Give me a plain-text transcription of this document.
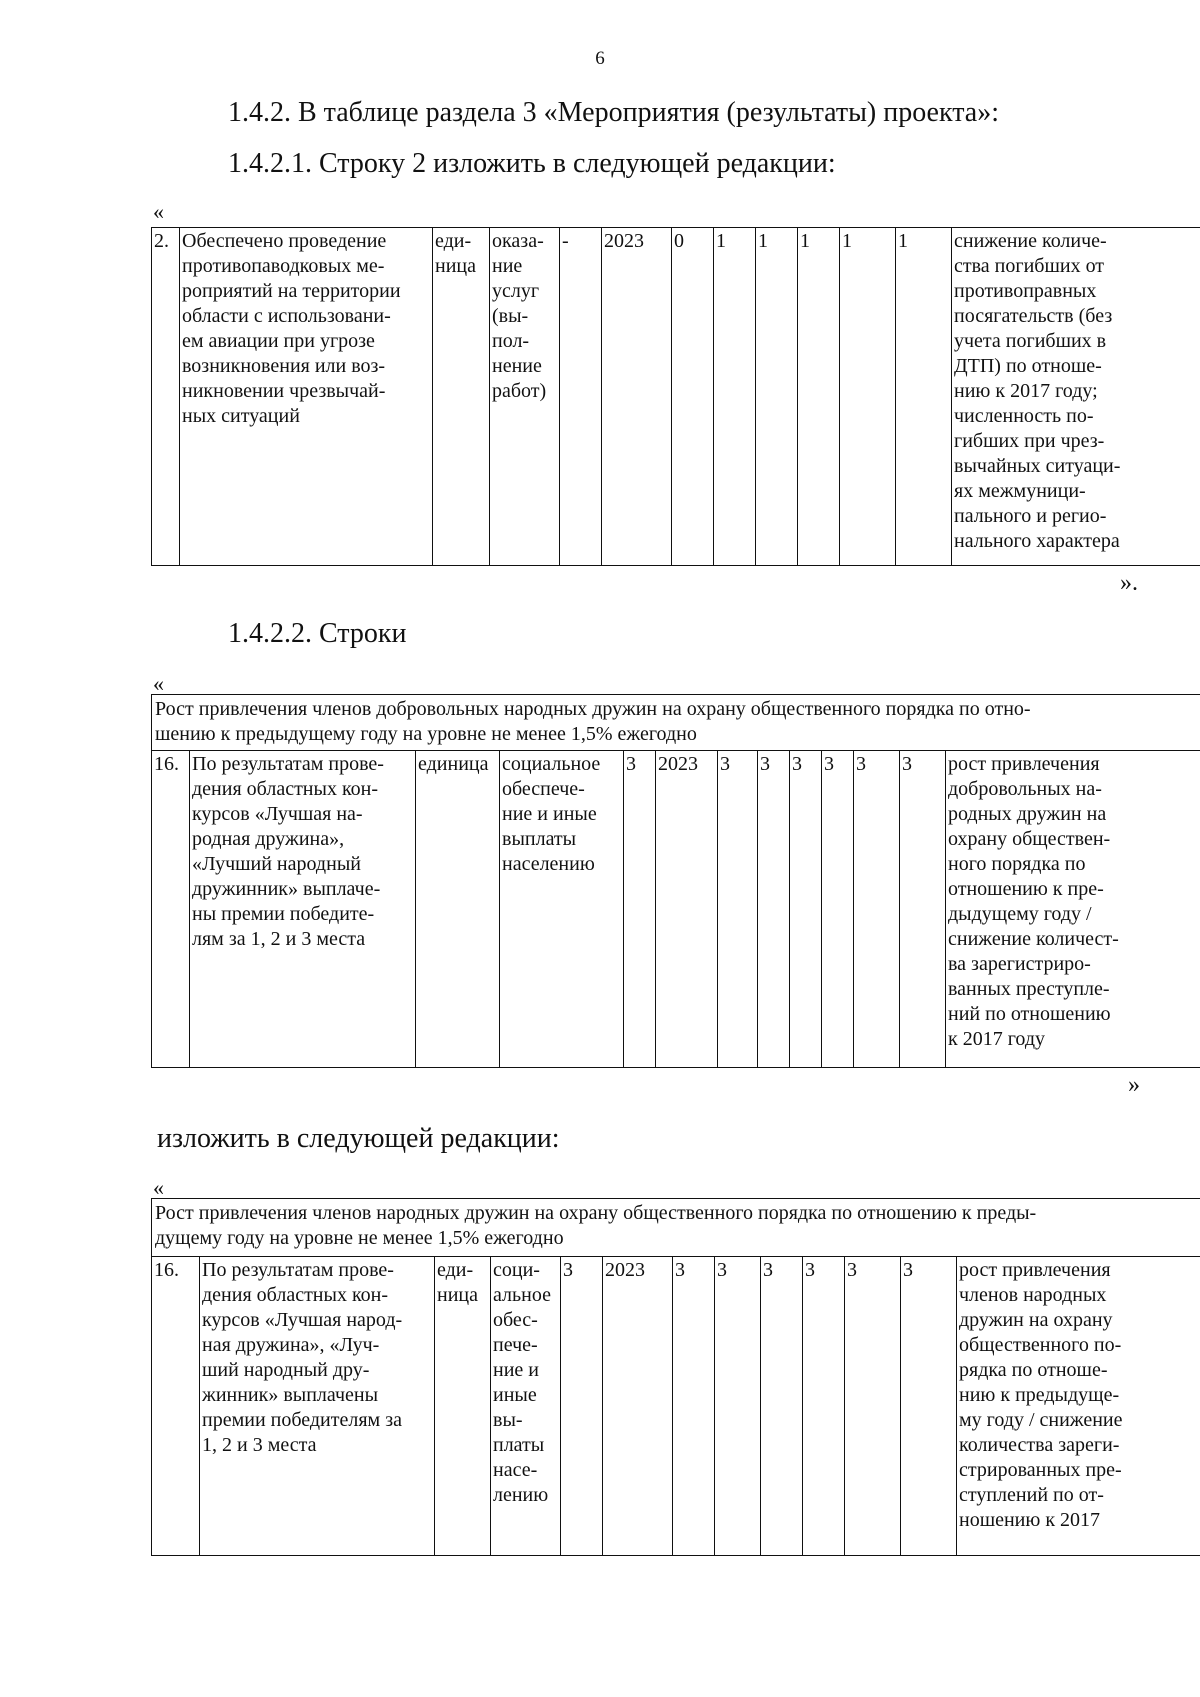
6
1.4.2. В таблице раздела 3 «Мероприятия (результаты) проекта»:
1.4.2.1. Строку 2 изложить в следующей редакции:
«
2.	Обеспечено проведение
противопаводковых ме-
роприятий на территории
области с использовани-
ем авиации при угрозе
возникновения или воз-
никновении чрезвычай-
ных ситуаций	еди-
ница	оказа-
ние
услуг
(вы-
пол-
нение
работ)	-	2023	0	1	1	1	1	1	снижение количе-
ства погибших от
противоправных
посягательств (без
учета погибших в
ДТП) по отноше-
нию к 2017 году;
численность по-
гибших при чрез-
вычайных ситуаци-
ях межмуници-
пального и регио-
нального характера
».
1.4.2.2. Строки
«
Рост привлечения членов добровольных народных дружин на охрану общественного порядка по отно-
шению к предыдущему году на уровне не менее 1,5% ежегодно
16.	По результатам прове-
дения областных кон-
курсов «Лучшая на-
родная дружина»,
«Лучший народный
дружинник» выплаче-
ны премии победите-
лям за 1, 2 и 3 места	единица	социальное
обеспече-
ние и иные
выплаты
населению	3	2023	3	3	3	3	3	3	рост привлечения
добровольных на-
родных дружин на
охрану обществен-
ного порядка по
отношению к пре-
дыдущему году /
снижение количест-
ва зарегистриро-
ванных преступле-
ний по отношению
к 2017 году
»
изложить в следующей редакции:
«
Рост привлечения членов народных дружин на охрану общественного порядка по отношению к преды-
дущему году на уровне не менее 1,5% ежегодно
16.	По результатам прове-
дения областных кон-
курсов «Лучшая народ-
ная дружина», «Луч-
ший народный дру-
жинник» выплачены
премии победителям за
1, 2 и 3 места	еди-
ница	соци-
альное
обес-
пече-
ние и
иные
вы-
платы
насе-
лению	3	2023	3	3	3	3	3	3	рост привлечения
членов народных
дружин на охрану
общественного по-
рядка по отноше-
нию к предыдуще-
му году / снижение
количества зареги-
стрированных пре-
ступлений по от-
ношению к 2017
